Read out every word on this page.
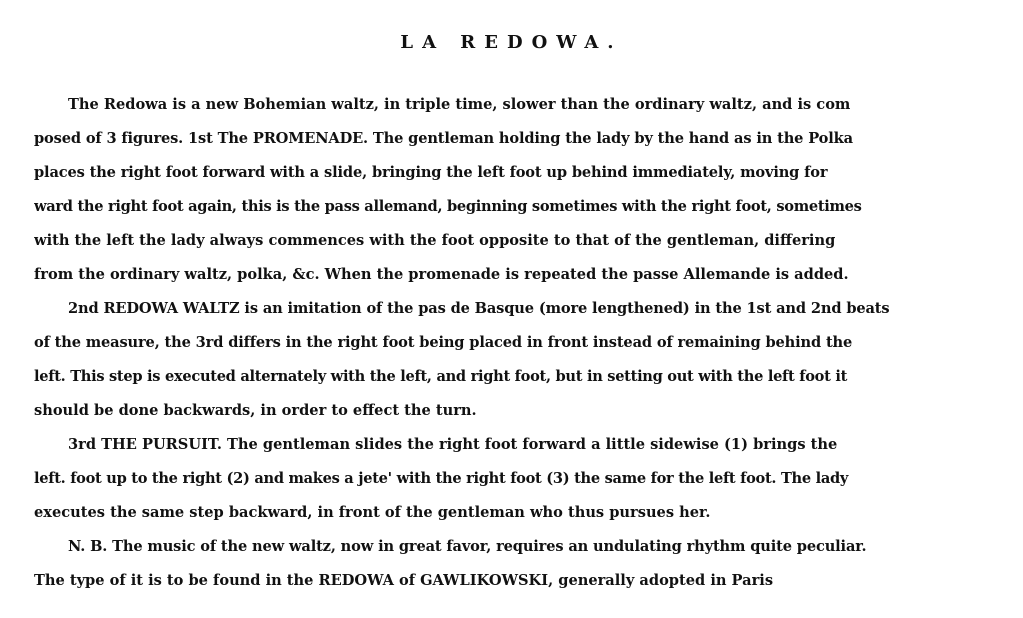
LA REDOWA.
The Redowa is a new Bohemian waltz, in triple time, slower than the ordinary waltz, and is com
posed of 3 figures. 1st The PROMENADE. The gentleman holding the lady by the hand as in the Polka
places the right foot forward with a slide, bringing the left foot up behind immediately, moving for
ward the right foot again, this is the pass allemand, beginning sometimes with the right foot, sometimes
with the left the lady always commences with the foot opposite to that of the gentleman, differing
from the ordinary waltz, polka, &c. When the promenade is repeated the passe Allemande is added.
2nd REDOWA WALTZ is an imitation of the pas de Basque (more lengthened) in the 1st and 2nd beats
of the measure, the 3rd differs in the right foot being placed in front instead of remaining behind the
left. This step is executed alternately with the left, and right foot, but in setting out with the left foot it
should be done backwards, in order to effect the turn.
3rd THE PURSUIT. The gentleman slides the right foot forward a little sidewise (1) brings the
left. foot up to the right (2) and makes a jete' with the right foot (3) the same for the left foot. The lady
executes the same step backward, in front of the gentleman who thus pursues her.
N. B. The music of the new waltz, now in great favor, requires an undulating rhythm quite peculiar.
The type of it is to be found in the REDOWA of GAWLIKOWSKI, generally adopted in Paris
